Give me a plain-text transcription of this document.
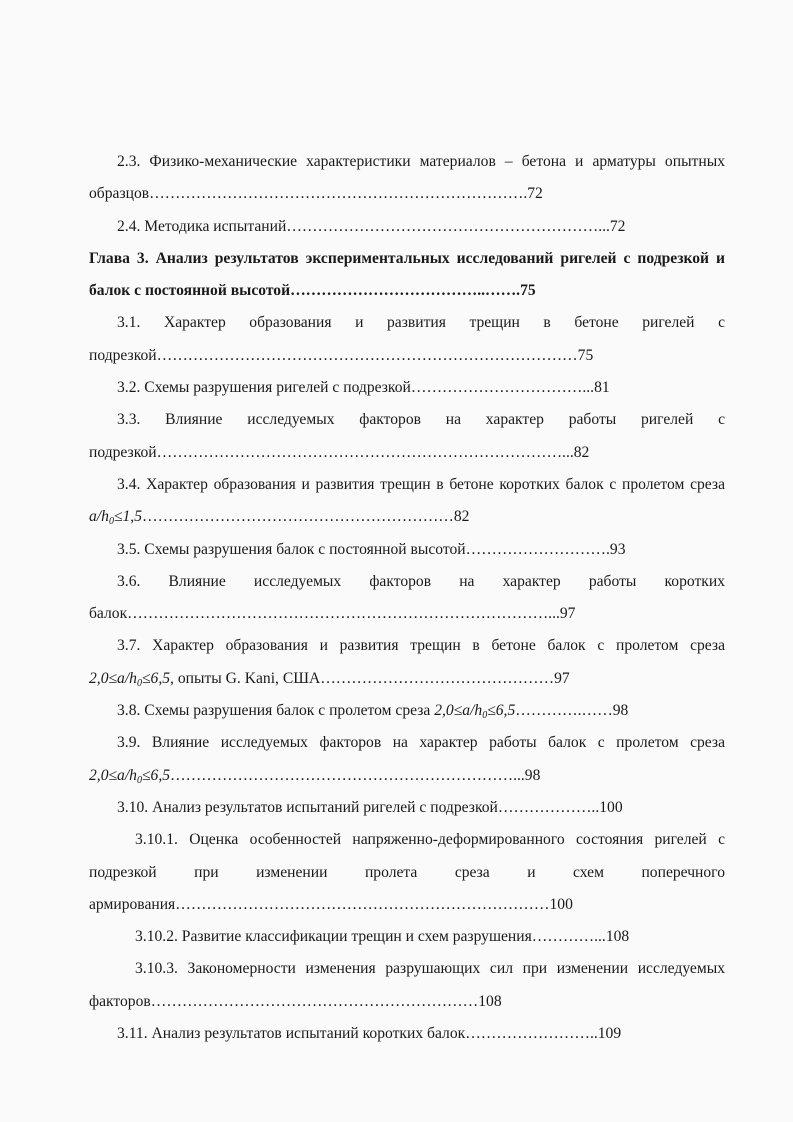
2.3. Физико-механические характеристики материалов – бетона и арматуры опытных образцов……………………………………………………………….72
2.4. Методика испытаний……………………………………………………...72
Глава 3. Анализ результатов экспериментальных исследований ригелей с подрезкой и балок с постоянной высотой………………………………..…….75
3.1. Характер образования и развития трещин в бетоне ригелей с подрезкой………………………………………………………………………75
3.2. Схемы разрушения ригелей с подрезкой……………………………...81
3.3. Влияние исследуемых факторов на характер работы ригелей с подрезкой……………………………………………………………………...82
3.4. Характер образования и развития трещин в бетоне коротких балок с пролетом среза $a/h_0\le 1,5\dots\dots\dots\dots\dots\dots\dots\dots\dots\dots\dots\dots\dots\dots\dots\dots\dots\dots\dots\dots 82$
3.5. Схемы разрушения балок с постоянной высотой……………………….93
3.6. Влияние исследуемых факторов на характер работы коротких балок………………………………………………………………………...97
3.7. Характер образования и развития трещин в бетоне балок с пролетом среза $2,0\le a/h_0\le 6,5$, опыты G. Kani, США………………………………………97
3.8. Схемы разрушения балок с пролетом среза $2,0\le a/h_0\le 6,5\dots\dots\dots\dots.\dots\dots 98$
3.9. Влияние исследуемых факторов на характер работы балок с пролетом среза $2,0\le a/h_0\le 6,5\dots\dots\dots\dots\dots\dots\dots\dots\dots\dots\dots\dots\dots\dots\dots\dots\dots\dots\dots\dots\dots\dots...98$
3.10. Анализ результатов испытаний ригелей с подрезкой………………..100
3.10.1. Оценка особенностей напряженно-деформированного состояния ригелей с подрезкой при изменении пролета среза и схем поперечного армирования………………………………………………………………100
3.10.2. Развитие классификации трещин и схем разрушения…………...108
3.10.3. Закономерности изменения разрушающих сил при изменении исследуемых факторов………………………………………………………108
3.11. Анализ результатов испытаний коротких балок……………………..109
